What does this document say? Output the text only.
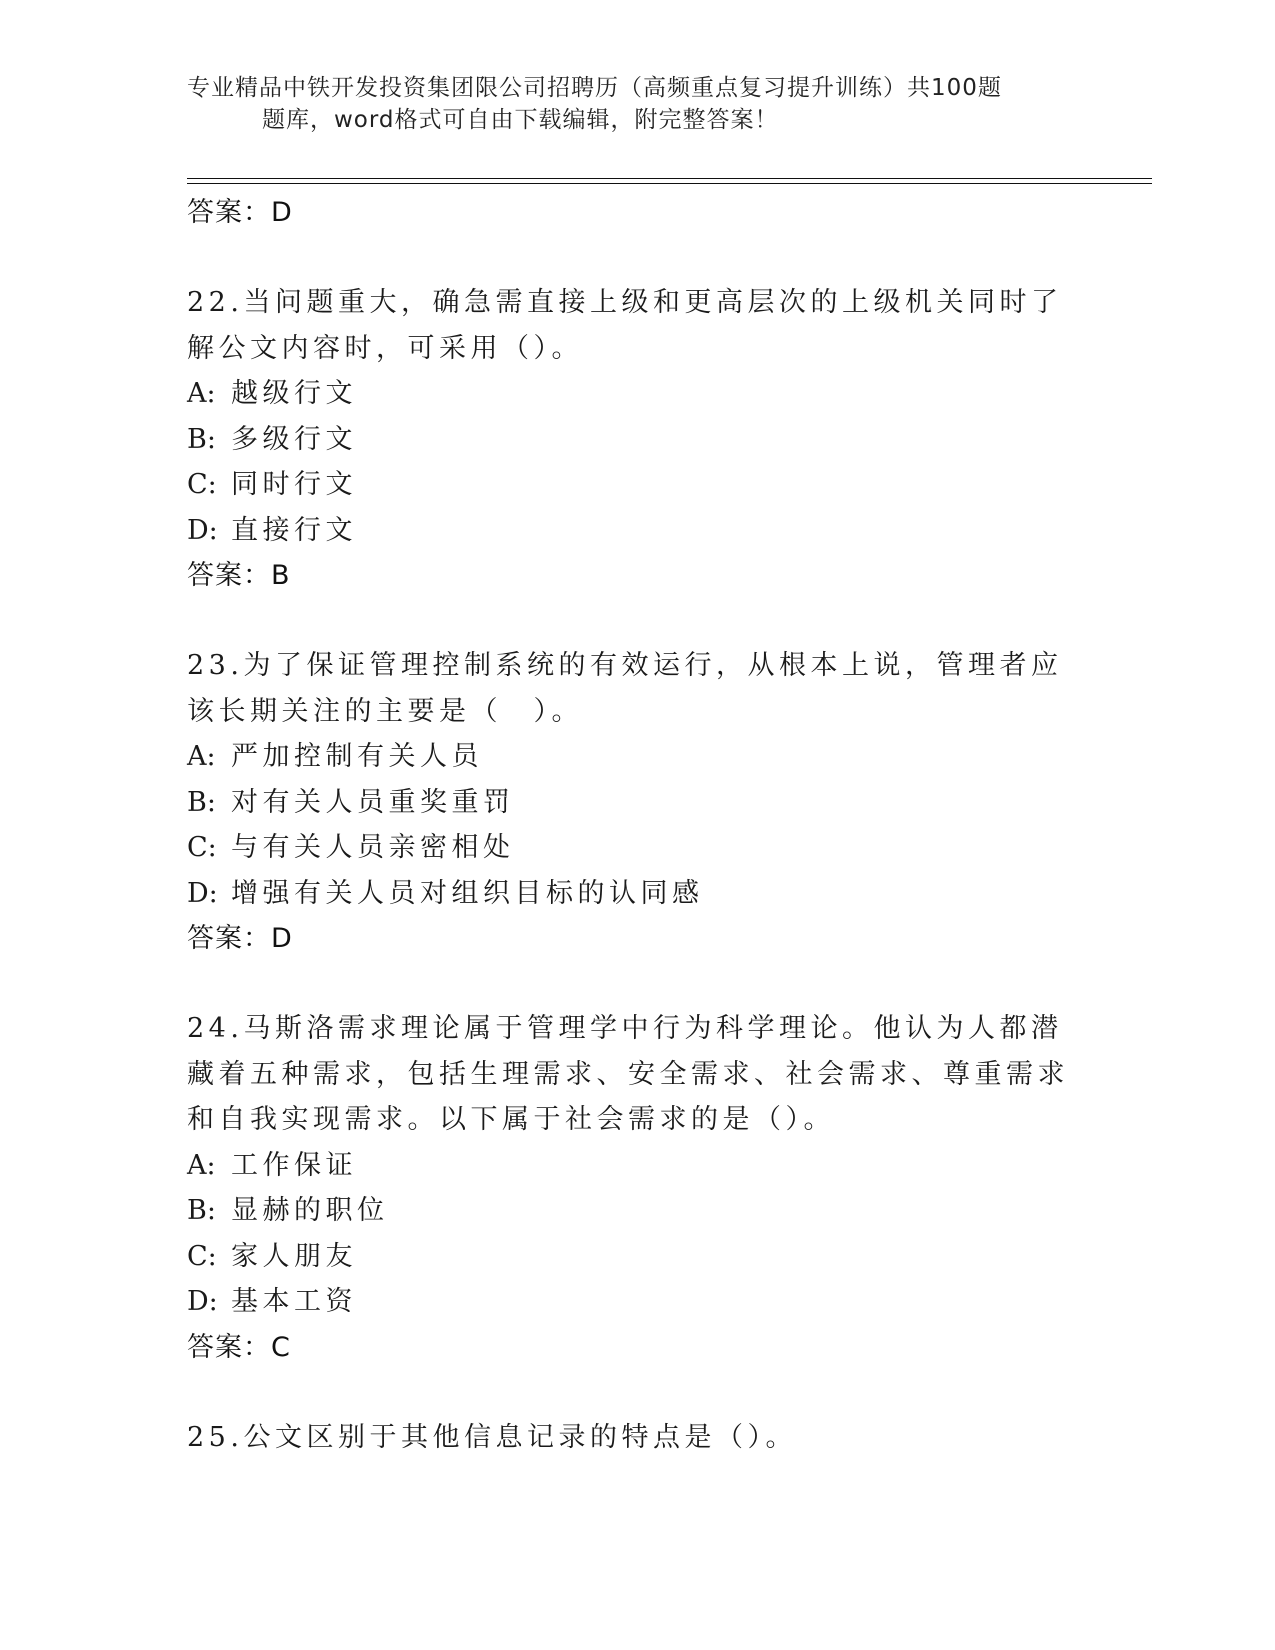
专业精品中铁开发投资集团限公司招聘历（高频重点复习提升训练）共100题
题库，word格式可自由下载编辑，附完整答案！
答案：D
22.当问题重大，确急需直接上级和更高层次的上级机关同时了解公文内容时，可采用（）。
A: 越级行文
B: 多级行文
C: 同时行文
D: 直接行文
答案：B
23.为了保证管理控制系统的有效运行，从根本上说，管理者应该长期关注的主要是（　）。
A: 严加控制有关人员
B: 对有关人员重奖重罚
C: 与有关人员亲密相处
D: 增强有关人员对组织目标的认同感
答案：D
24.马斯洛需求理论属于管理学中行为科学理论。他认为人都潜藏着五种需求，包括生理需求、安全需求、社会需求、尊重需求和自我实现需求。以下属于社会需求的是（）。
A: 工作保证
B: 显赫的职位
C: 家人朋友
D: 基本工资
答案：C
25.公文区别于其他信息记录的特点是（）。
